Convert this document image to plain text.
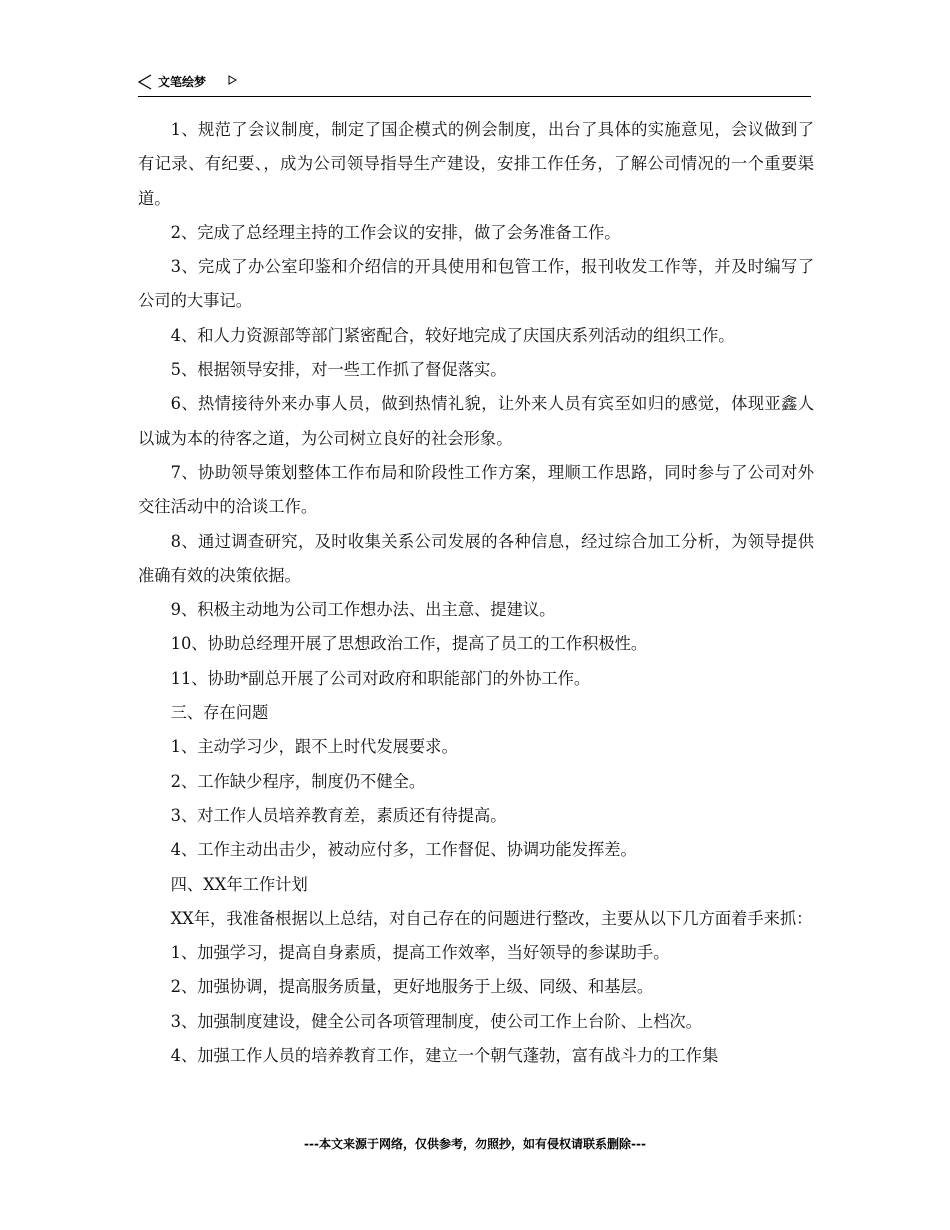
文笔绘梦

1、规范了会议制度，制定了国企模式的例会制度，出台了具体的实施意见，会议做到了有记录、有纪要、，成为公司领导指导生产建设，安排工作任务，了解公司情况的一个重要渠道。

2、完成了总经理主持的工作会议的安排，做了会务准备工作。

3、完成了办公室印鉴和介绍信的开具使用和包管工作，报刊收发工作等，并及时编写了公司的大事记。

4、和人力资源部等部门紧密配合，较好地完成了庆国庆系列活动的组织工作。

5、根据领导安排，对一些工作抓了督促落实。

6、热情接待外来办事人员，做到热情礼貌，让外来人员有宾至如归的感觉，体现亚鑫人以诚为本的待客之道，为公司树立良好的社会形象。

7、协助领导策划整体工作布局和阶段性工作方案，理顺工作思路，同时参与了公司对外交往活动中的洽谈工作。

8、通过调查研究，及时收集关系公司发展的各种信息，经过综合加工分析，为领导提供准确有效的决策依据。

9、积极主动地为公司工作想办法、出主意、提建议。

10、协助总经理开展了思想政治工作，提高了员工的工作积极性。

11、协助*副总开展了公司对政府和职能部门的外协工作。

三、存在问题

1、主动学习少，跟不上时代发展要求。

2、工作缺少程序，制度仍不健全。

3、对工作人员培养教育差，素质还有待提高。

4、工作主动出击少，被动应付多，工作督促、协调功能发挥差。

四、XX年工作计划

XX年，我准备根据以上总结，对自己存在的问题进行整改，主要从以下几方面着手来抓：

1、加强学习，提高自身素质，提高工作效率，当好领导的参谋助手。

2、加强协调，提高服务质量，更好地服务于上级、同级、和基层。

3、加强制度建设，健全公司各项管理制度，使公司工作上台阶、上档次。

4、加强工作人员的培养教育工作，建立一个朝气蓬勃，富有战斗力的工作集

---本文来源于网络，仅供参考，勿照抄，如有侵权请联系删除---
